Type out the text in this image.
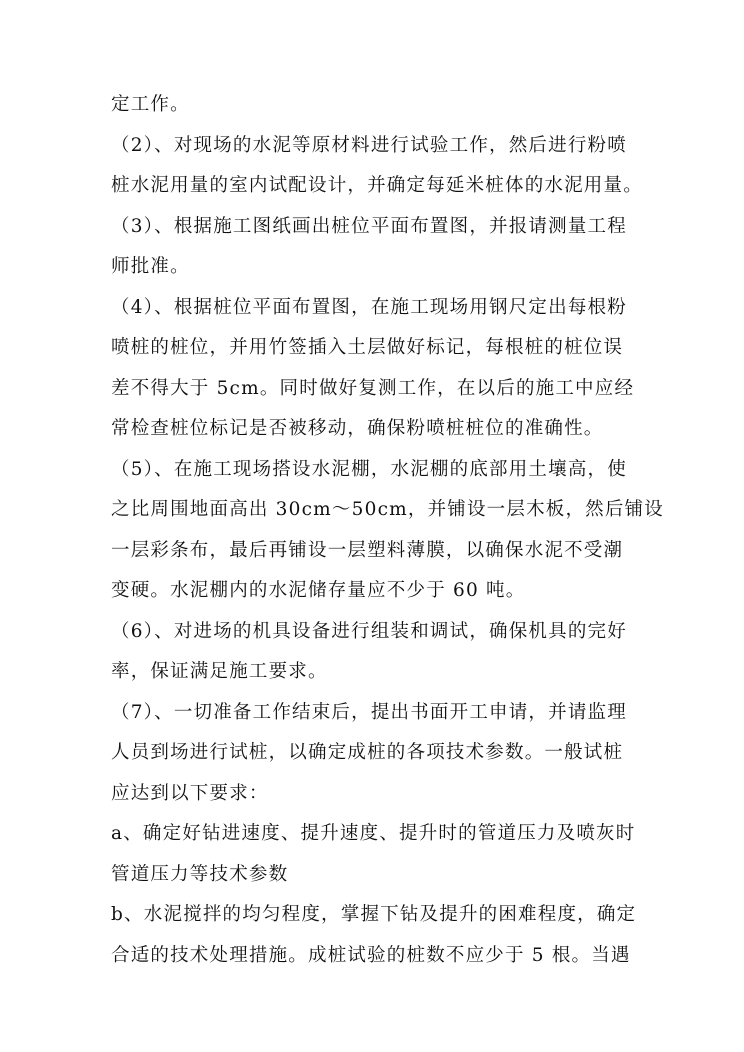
定工作。
（2）、对现场的水泥等原材料进行试验工作，然后进行粉喷
桩水泥用量的室内试配设计，并确定每延米桩体的水泥用量。
（3）、根据施工图纸画出桩位平面布置图，并报请测量工程
师批准。
（4）、根据桩位平面布置图，在施工现场用钢尺定出每根粉
喷桩的桩位，并用竹签插入土层做好标记，每根桩的桩位误
差不得大于 5cm。同时做好复测工作，在以后的施工中应经
常检查桩位标记是否被移动，确保粉喷桩桩位的准确性。
（5）、在施工现场搭设水泥棚，水泥棚的底部用土壤高，使
之比周围地面高出 30cm～50cm，并铺设一层木板，然后铺设
一层彩条布，最后再铺设一层塑料薄膜，以确保水泥不受潮
变硬。水泥棚内的水泥储存量应不少于 60 吨。
（6）、对进场的机具设备进行组装和调试，确保机具的完好
率，保证满足施工要求。
（7）、一切准备工作结束后，提出书面开工申请，并请监理
人员到场进行试桩，以确定成桩的各项技术参数。一般试桩
应达到以下要求：
a、确定好钻进速度、提升速度、提升时的管道压力及喷灰时
管道压力等技术参数
b、水泥搅拌的均匀程度，掌握下钻及提升的困难程度，确定
合适的技术处理措施。成桩试验的桩数不应少于 5 根。当遇
